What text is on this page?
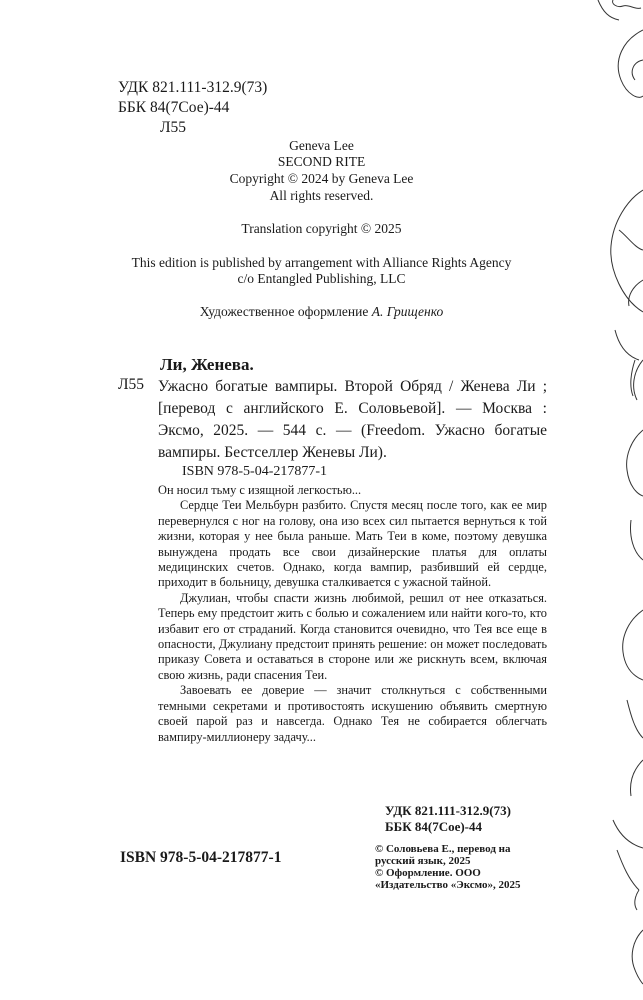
УДК 821.111-312.9(73)

ББК 84(7Сое)-44

Л55

Geneva Lee

SECOND RITE

Copyright © 2024 by Geneva Lee

All rights reserved.

Translation copyright © 2025

This edition is published by arrangement with Alliance Rights Agency

c/o Entangled Publishing, LLC

Художественное оформление А. Грищенко

Ли, Женева.

Л55 Ужасно богатые вампиры. Второй Обряд / Женева Ли ; [перевод с английского Е. Соловьевой]. — Москва : Эксмо, 2025. — 544 с. — (Freedom. Ужасно богатые вампиры. Бестселлер Женевы Ли).

ISBN 978-5-04-217877-1

Он носил тьму с изящной легкостью...

Сердце Теи Мельбурн разбито. Спустя месяц после того, как ее мир перевернулся с ног на голову, она изо всех сил пытается вернуться к той жизни, которая у нее была раньше. Мать Теи в коме, поэтому девушка вынуждена продать все свои дизайнерские платья для оплаты медицинских счетов. Однако, когда вампир, разбивший ей сердце, приходит в больницу, девушка сталкивается с ужасной тайной.

Джулиан, чтобы спасти жизнь любимой, решил от нее отказаться. Теперь ему предстоит жить с болью и сожалением или найти кого-то, кто избавит его от страданий. Когда становится очевидно, что Тея все еще в опасности, Джулиану предстоит принять решение: он может последовать приказу Совета и оставаться в стороне или же рискнуть всем, включая свою жизнь, ради спасения Теи.

Завоевать ее доверие — значит столкнуться с собственными темными секретами и противостоять искушению объявить смертную своей парой раз и навсегда. Однако Тея не собирается облегчать вампиру-миллионеру задачу...

УДК 821.111-312.9(73)
ББК 84(7Сое)-44

© Соловьева Е., перевод на русский язык, 2025

© Оформление. ООО «Издательство «Эксмо», 2025

ISBN 978-5-04-217877-1
